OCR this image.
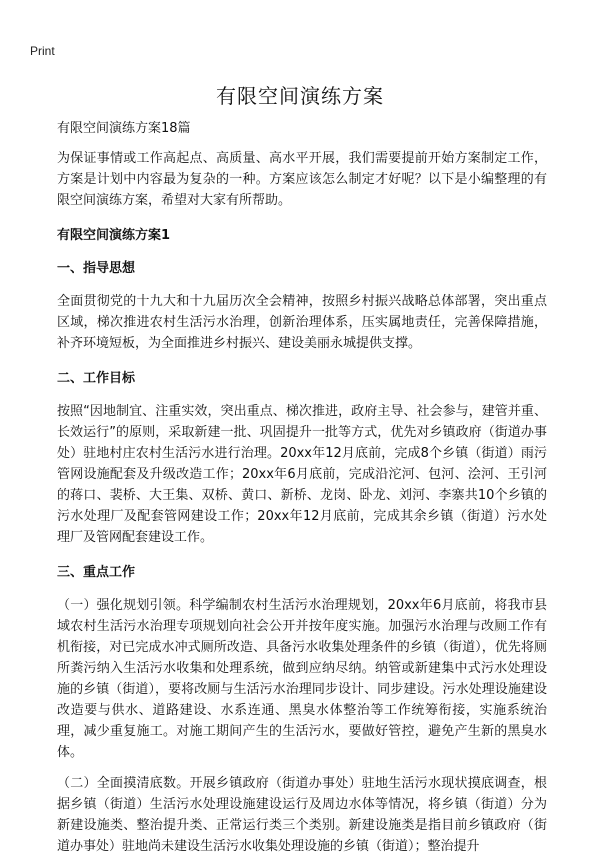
Print
有限空间演练方案

有限空间演练方案18篇

为保证事情或工作高起点、高质量、高水平开展，我们需要提前开始方案制定工作，方案是计划中内容最为复杂的一种。方案应该怎么制定才好呢？以下是小编整理的有限空间演练方案，希望对大家有所帮助。

有限空间演练方案1

一、指导思想

全面贯彻党的十九大和十九届历次全会精神，按照乡村振兴战略总体部署，突出重点区域，梯次推进农村生活污水治理，创新治理体系，压实属地责任，完善保障措施，补齐环境短板，为全面推进乡村振兴、建设美丽永城提供支撑。

二、工作目标

按照“因地制宜、注重实效，突出重点、梯次推进，政府主导、社会参与，建管并重、长效运行”的原则，采取新建一批、巩固提升一批等方式，优先对乡镇政府（街道办事处）驻地村庄农村生活污水进行治理。20xx年12月底前，完成8个乡镇（街道）雨污管网设施配套及升级改造工作；20xx年6月底前，完成沿沱河、包河、浍河、王引河的蒋口、裴桥、大王集、双桥、黄口、新桥、龙岗、卧龙、刘河、李寨共10个乡镇的污水处理厂及配套管网建设工作；20xx年12月底前，完成其余乡镇（街道）污水处理厂及管网配套建设工作。

三、重点工作

（一）强化规划引领。科学编制农村生活污水治理规划，20xx年6月底前，将我市县域农村生活污水治理专项规划向社会公开并按年度实施。加强污水治理与改厕工作有机衔接，对已完成水冲式厕所改造、具备污水收集处理条件的乡镇（街道），优先将厕所粪污纳入生活污水收集和处理系统，做到应纳尽纳。纳管或新建集中式污水处理设施的乡镇（街道），要将改厕与生活污水治理同步设计、同步建设。污水处理设施建设改造要与供水、道路建设、水系连通、黑臭水体整治等工作统筹衔接，实施系统治理，减少重复施工。对施工期间产生的生活污水，要做好管控，避免产生新的黑臭水体。

（二）全面摸清底数。开展乡镇政府（街道办事处）驻地生活污水现状摸底调查，根据乡镇（街道）生活污水处理设施建设运行及周边水体等情况，将乡镇（街道）分为新建设施类、整治提升类、正常运行类三个类别。新建设施类是指目前乡镇政府（街道办事处）驻地尚未建设生活污水收集处理设施的乡镇（街道）；整治提升
